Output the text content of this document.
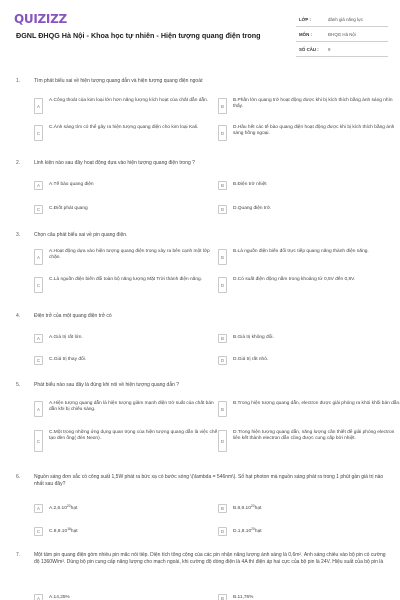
QUIZIZZ
ĐGNL ĐHQG Hà Nội - Khoa học tự nhiên - Hiện tượng quang điện trong
LỚP :	đánh giá năng lực
MÔN :	ĐHQG Hà Nội
SỐ CÂU :	9
1.	Tìm phát biểu sai về hiện tượng quang dẫn và hiện tượng quang điện ngoài:
A
A.Công thoát của kim loại lớn hơn năng lượng kích hoạt của chất dẫn dẫn.
B
B.Phần lớn quang trở hoạt động được khi bị kích thích bằng ánh sáng nhìn thấy.
C
C.Ánh sáng tím có thể gây ra hiện tượng quang điện cho kim loại Kali.
D
D.Hầu hết các tế bào quang điện hoạt động được khi bị kích thích bằng ánh sáng hồng ngoại.
2.	Linh kiện nào sau đây hoạt động dựa vào hiện tượng quang điện trong ?
A	A.Tế bào quang điện	B	B.Điện trở nhiệt
C	C.Điốt phát quang	D	D.Quang điện trở.
3.	Chọn câu phát biểu sai về pin quang điện.
A
A.Hoạt động dựa vào hiện tượng quang điện trong xảy ra bên cạnh một lớp chặn.	B
B.Là nguồn điện biến đổi trực tiếp quang năng thành điện năng.
C
C.Là nguồn điện biến đổi toàn bộ năng lượng Mặt Trời thành điện năng.
D
D.Có suất điện động nằm trong khoảng từ 0,5V đến 0,8V.
4.	Điện trở của một quang điện trở có
A	A.Giá trị rất lớn.	B	B.Giá trị không đổi.
C	C.Giá trị thay đổi.	D	D.Giá trị rất nhỏ.
5.	Phát biểu nào sau đây là đúng khi nói về hiện tượng quang dẫn ?
A
A.Hiện tượng quang dẫn là hiện tượng giảm mạnh điện trở suất của chất bán dẫn khi bị chiếu sáng.	B
B.Trong hiện tượng quang dẫn, electron được giải phóng ra khỏi khối bán dẫn.
C
C.Một trong những ứng dụng quan trọng của hiện tượng quang dẫn là việc chế tạo đèn ống( đèn Neon).	D
D.Trong hiện tượng quang dẫn, năng lượng cần thiết để giải phóng electron liên kết thành electron dẫn cũng được cung cấp bởi nhiệt.
6.	Nguồn sáng đơn sắc có công suất 1,5W phát ra bức xạ có bước sóng \(\lambda = 546nm\). Số hạt photon mà nguồn sáng phát ra trong 1 phút gần giá trị nào nhất sau đây?
A	A.2,6.10$^{20}$hạt	B	B.8,9.10$^{20}$hạt
C	C.8,9.10$^{18}$hạt	D	D.1,8.10$^{20}$hạt
7.	Một tấm pin quang điện gồm nhiều pin mắc nối tiếp. Diện tích tổng cộng của các pin nhận năng lượng ánh sáng là 0,6m². Ánh sáng chiếu vào bộ pin có cường độ 1360W/m². Dùng bộ pin cung cấp năng lượng cho mạch ngoài, khi cường độ dòng điện là 4A thì điện áp hai cực của bộ pin là 24V. Hiệu suất của bộ pin là
A	A.14,25%	B	B.11,76%
